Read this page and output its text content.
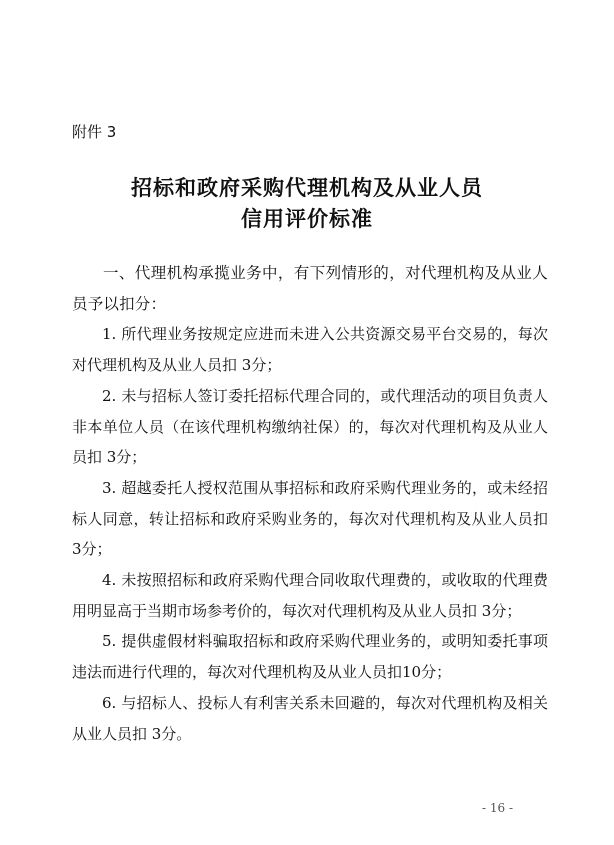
附件 3
招标和政府采购代理机构及从业人员
信用评价标准

一、代理机构承揽业务中，有下列情形的，对代理机构及从业人员予以扣分：

1. 所代理业务按规定应进而未进入公共资源交易平台交易的，每次对代理机构及从业人员扣 3分；

2. 未与招标人签订委托招标代理合同的，或代理活动的项目负责人非本单位人员（在该代理机构缴纳社保）的，每次对代理机构及从业人员扣 3分；

3. 超越委托人授权范围从事招标和政府采购代理业务的，或未经招标人同意，转让招标和政府采购业务的，每次对代理机构及从业人员扣 3分；

4. 未按照招标和政府采购代理合同收取代理费的，或收取的代理费用明显高于当期市场参考价的，每次对代理机构及从业人员扣 3分；

5. 提供虚假材料骗取招标和政府采购代理业务的，或明知委托事项违法而进行代理的，每次对代理机构及从业人员扣10分；

6. 与招标人、投标人有利害关系未回避的，每次对代理机构及相关从业人员扣 3分。

- 16 -
